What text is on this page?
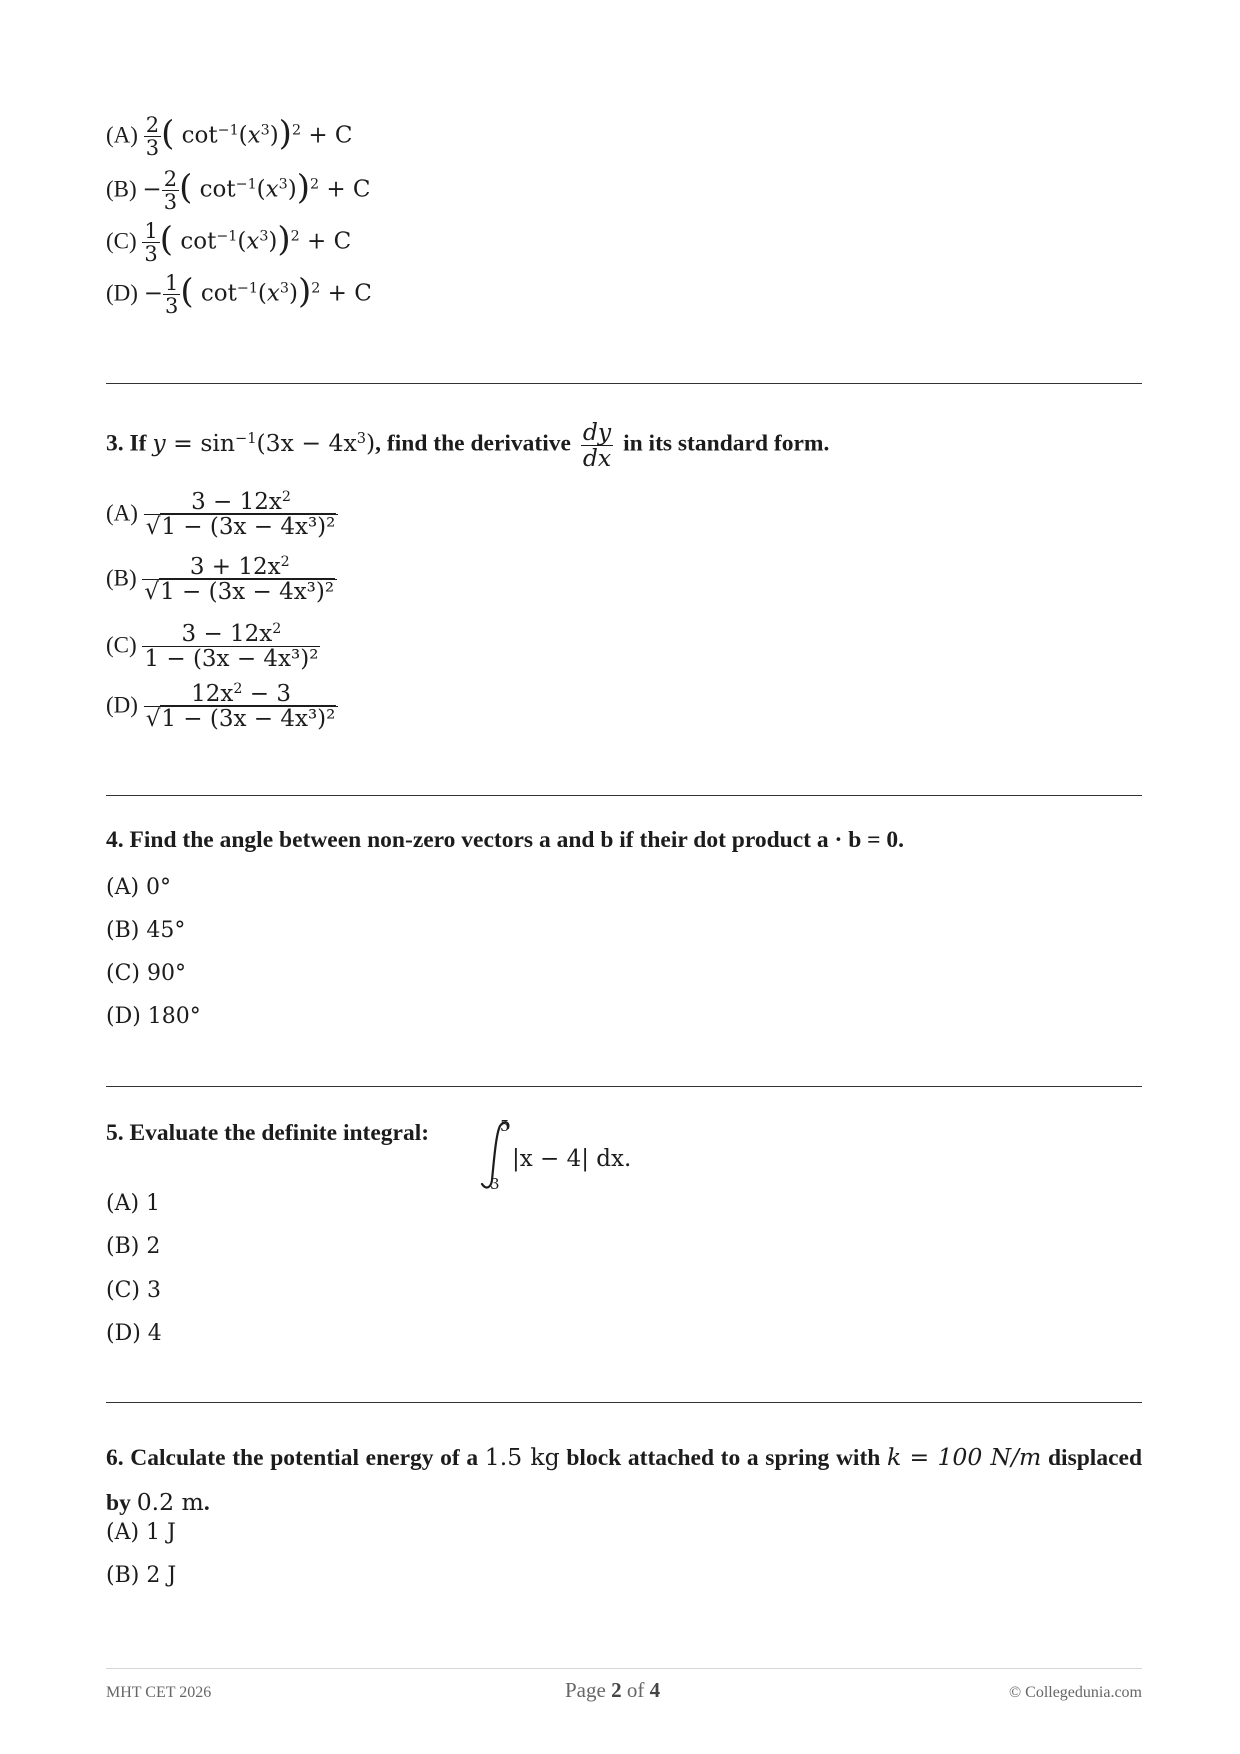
$(A) \frac{2}{3}$ ( $\cot^{-1}(x^3))^2 + C$
$(B) - \frac{2}{3}$ ( $\cot^{-1}(x^3))^2 + C$
$(C) \frac{1}{3}$ ( $\cot^{-1}(x^3))^2 + C$
$(D) - \frac{1}{3}$ ( $\cot^{-1}(x^3))^2 + C$
3. If $y = \sin^{-1}(3x - 4x^3)$, find the derivative $\frac{dy}{dx}$ in its standard form.
$(A) \frac{3 - 12x^2}{\text{√1 − (3x − 4x³)²}}$
$(B) \frac{3 + 12x^2}{\text{√1 − (3x − 4x³)²}}$
$(C) \frac{3 - 12x^2}{\text{1 − (3x − 4x³)²}}$
$(D) \frac{12x^2 - 3}{\text{√1 − (3x − 4x³)²}}$
4. Find the angle between non-zero vectors a and b if their dot product a · b = 0.
(A) 0°
(B) 45°
(C) 90°
(D) 180°
5. Evaluate the definite integral:	5
3
|x − 4| dx.
(A) 1
(B) 2
(C) 3
(D) 4
6. Calculate the potential energy of a 1.5 kg block attached to a spring with k = 100 N/m displaced by 0.2 m.
(A) 1 J
(B) 2 J
MHT CET 2026	Page 2 of 4	© Collegedunia.com
